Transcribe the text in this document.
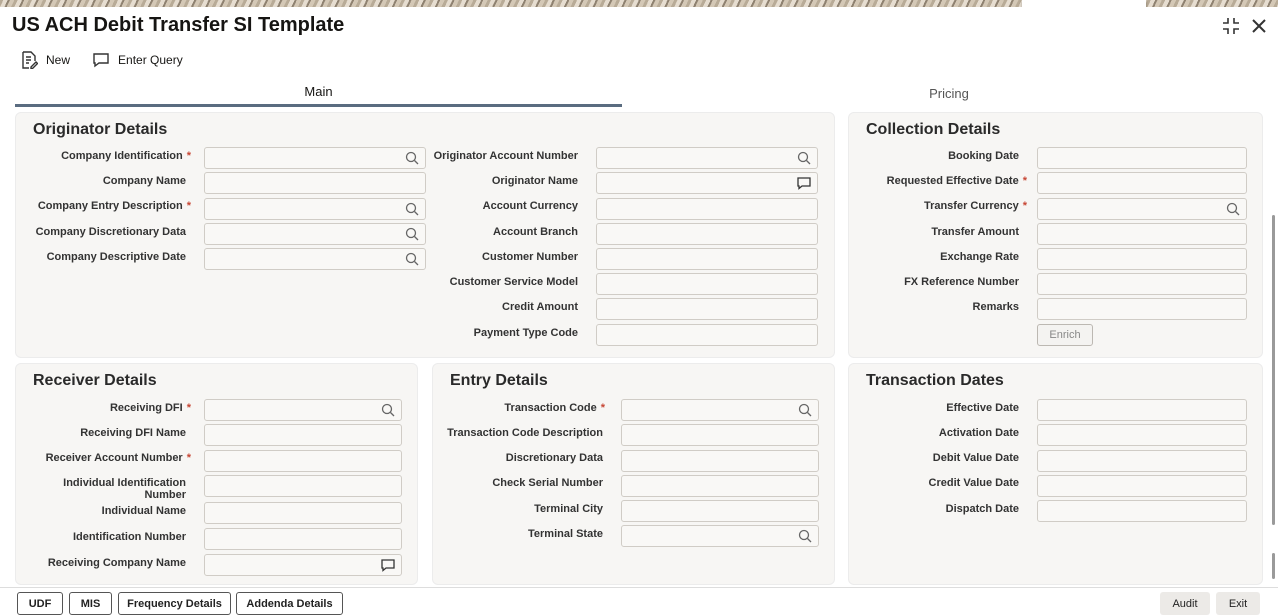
US ACH Debit Transfer SI Template
New	Enter Query
Main	Pricing
Originator Details
Company Identification *
Company Name
Company Entry Description *
Company Discretionary Data
Company Descriptive Date
Originator Account Number
Originator Name
Account Currency
Account Branch
Customer Number
Customer Service Model
Credit Amount
Payment Type Code
Collection Details
Booking Date
Requested Effective Date *
Transfer Currency *
Transfer Amount
Exchange Rate
FX Reference Number
Remarks
Enrich
Receiver Details
Receiving DFI *
Receiving DFI Name
Receiver Account Number *
Individual Identification Number
Individual Name
Identification Number
Receiving Company Name
Entry Details
Transaction Code *
Transaction Code Description
Discretionary Data
Check Serial Number
Terminal City
Terminal State
Transaction Dates
Effective Date
Activation Date
Debit Value Date
Credit Value Date
Dispatch Date
UDF	MIS	Frequency Details	Addenda Details	Audit	Exit
